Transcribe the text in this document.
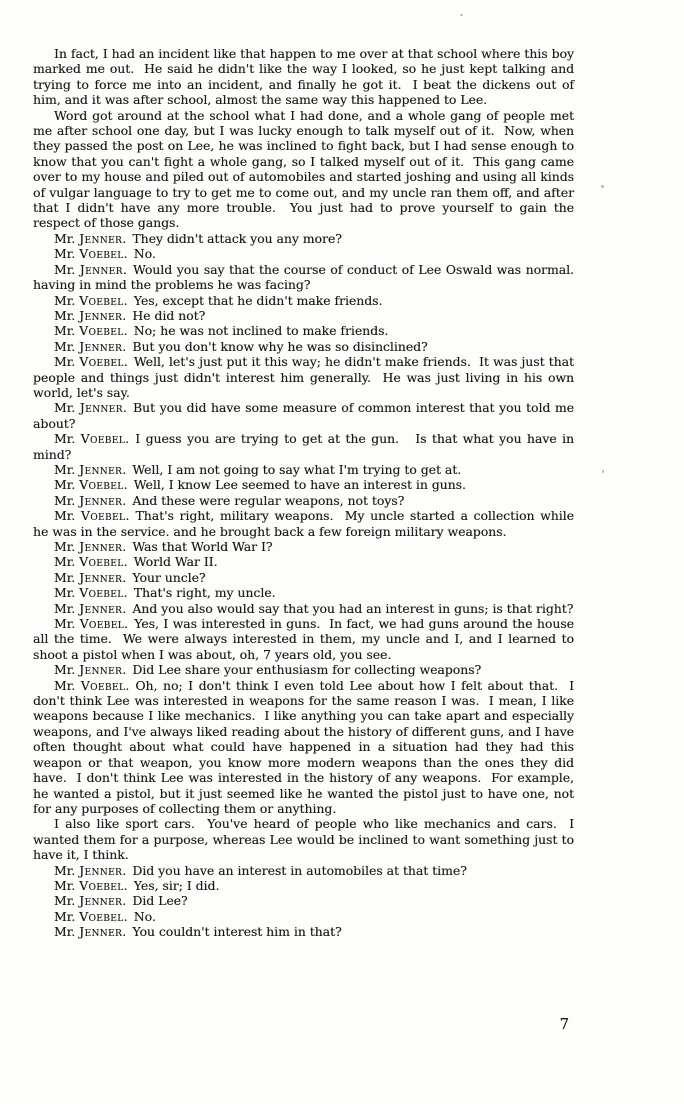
In fact, I had an incident like that happen to me over at that school where this boy marked me out.  He said he didn't like the way I looked, so he just kept talking and trying to force me into an incident, and finally he got it.  I beat the dickens out of him, and it was after school, almost the same way this happened to Lee.

Word got around at the school what I had done, and a whole gang of people met me after school one day, but I was lucky enough to talk myself out of it.  Now, when they passed the post on Lee, he was inclined to fight back, but I had sense enough to know that you can't fight a whole gang, so I talked myself out of it.  This gang came over to my house and piled out of automobiles and started joshing and using all kinds of vulgar language to try to get me to come out, and my uncle ran them off, and after that I didn't have any more trouble.  You just had to prove yourself to gain the respect of those gangs.

Mr. Jenner. They didn't attack you any more?

Mr. Voebel. No.

Mr. Jenner. Would you say that the course of conduct of Lee Oswald was normal. having in mind the problems he was facing?

Mr. Voebel. Yes, except that he didn't make friends.

Mr. Jenner. He did not?

Mr. Voebel. No; he was not inclined to make friends.

Mr. Jenner. But you don't know why he was so disinclined?

Mr. Voebel. Well, let's just put it this way; he didn't make friends.  It was just that people and things just didn't interest him generally.  He was just living in his own world, let's say.

Mr. Jenner. But you did have some measure of common interest that you told me about?

Mr. Voebel. I guess you are trying to get at the gun.   Is that what you have in mind?

Mr. Jenner. Well, I am not going to say what I'm trying to get at.

Mr. Voebel. Well, I know Lee seemed to have an interest in guns.

Mr. Jenner. And these were regular weapons, not toys?

Mr. Voebel. That's right, military weapons.  My uncle started a collection while he was in the service. and he brought back a few foreign military weapons.

Mr. Jenner. Was that World War I?

Mr. Voebel. World War II.

Mr. Jenner. Your uncle?

Mr. Voebel. That's right, my uncle.

Mr. Jenner. And you also would say that you had an interest in guns; is that right?

Mr. Voebel. Yes, I was interested in guns.  In fact, we had guns around the house all the time.  We were always interested in them, my uncle and I, and I learned to shoot a pistol when I was about, oh, 7 years old, you see.

Mr. Jenner. Did Lee share your enthusiasm for collecting weapons?

Mr. Voebel. Oh, no; I don't think I even told Lee about how I felt about that.  I don't think Lee was interested in weapons for the same reason I was.  I mean, I like weapons because I like mechanics.  I like anything you can take apart and especially weapons, and I've always liked reading about the history of different guns, and I have often thought about what could have happened in a situation had they had this weapon or that weapon, you know more modern weapons than the ones they did have.  I don't think Lee was interested in the history of any weapons.  For example, he wanted a pistol, but it just seemed like he wanted the pistol just to have one, not for any purposes of collecting them or anything.

I also like sport cars.  You've heard of people who like mechanics and cars.  I wanted them for a purpose, whereas Lee would be inclined to want something just to have it, I think.

Mr. Jenner. Did you have an interest in automobiles at that time?

Mr. Voebel. Yes, sir; I did.

Mr. Jenner. Did Lee?

Mr. Voebel. No.

Mr. Jenner. You couldn't interest him in that?

7
